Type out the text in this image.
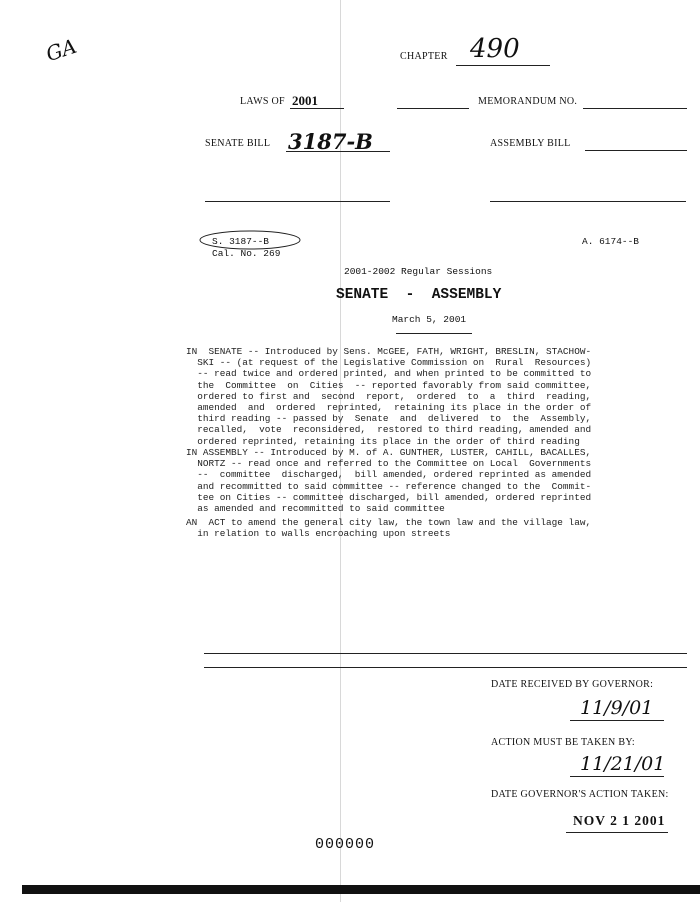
GA	CHAPTER 490
LAWS OF 2001	MEMORANDUM NO.
SENATE BILL 3187-B	ASSEMBLY BILL
S. 3187--B
Cal. No. 269
A. 6174--B
2001-2002 Regular Sessions
SENATE  -  ASSEMBLY
March 5, 2001
IN  SENATE -- Introduced by Sens. McGEE, FATH, WRIGHT, BRESLIN, STACHOW-
SKI -- (at request of the Legislative Commission on  Rural  Resources)
-- read twice and ordered printed, and when printed to be committed to
the  Committee  on  Cities  -- reported favorably from said committee,
ordered to first and  second  report,  ordered  to  a  third  reading,
amended  and  ordered  reprinted,  retaining its place in the order of
third reading -- passed by  Senate  and  delivered  to  the  Assembly,
recalled,  vote  reconsidered,  restored to third reading, amended and
ordered reprinted, retaining its place in the order of third reading
IN ASSEMBLY -- Introduced by M. of A. GUNTHER, LUSTER, CAHILL, BACALLES,
NORTZ -- read once and referred to the Committee on Local  Governments
--  committee  discharged,  bill amended, ordered reprinted as amended
and recommitted to said committee -- reference changed to the  Commit-
tee on Cities -- committee discharged, bill amended, ordered reprinted
as amended and recommitted to said committee
AN  ACT to amend the general city law, the town law and the village law,
in relation to walls encroaching upon streets
DATE RECEIVED BY GOVERNOR:
11/9/01
ACTION MUST BE TAKEN BY:
11/21/01
DATE GOVERNOR'S ACTION TAKEN:
NOV 2 1 2001
000000
